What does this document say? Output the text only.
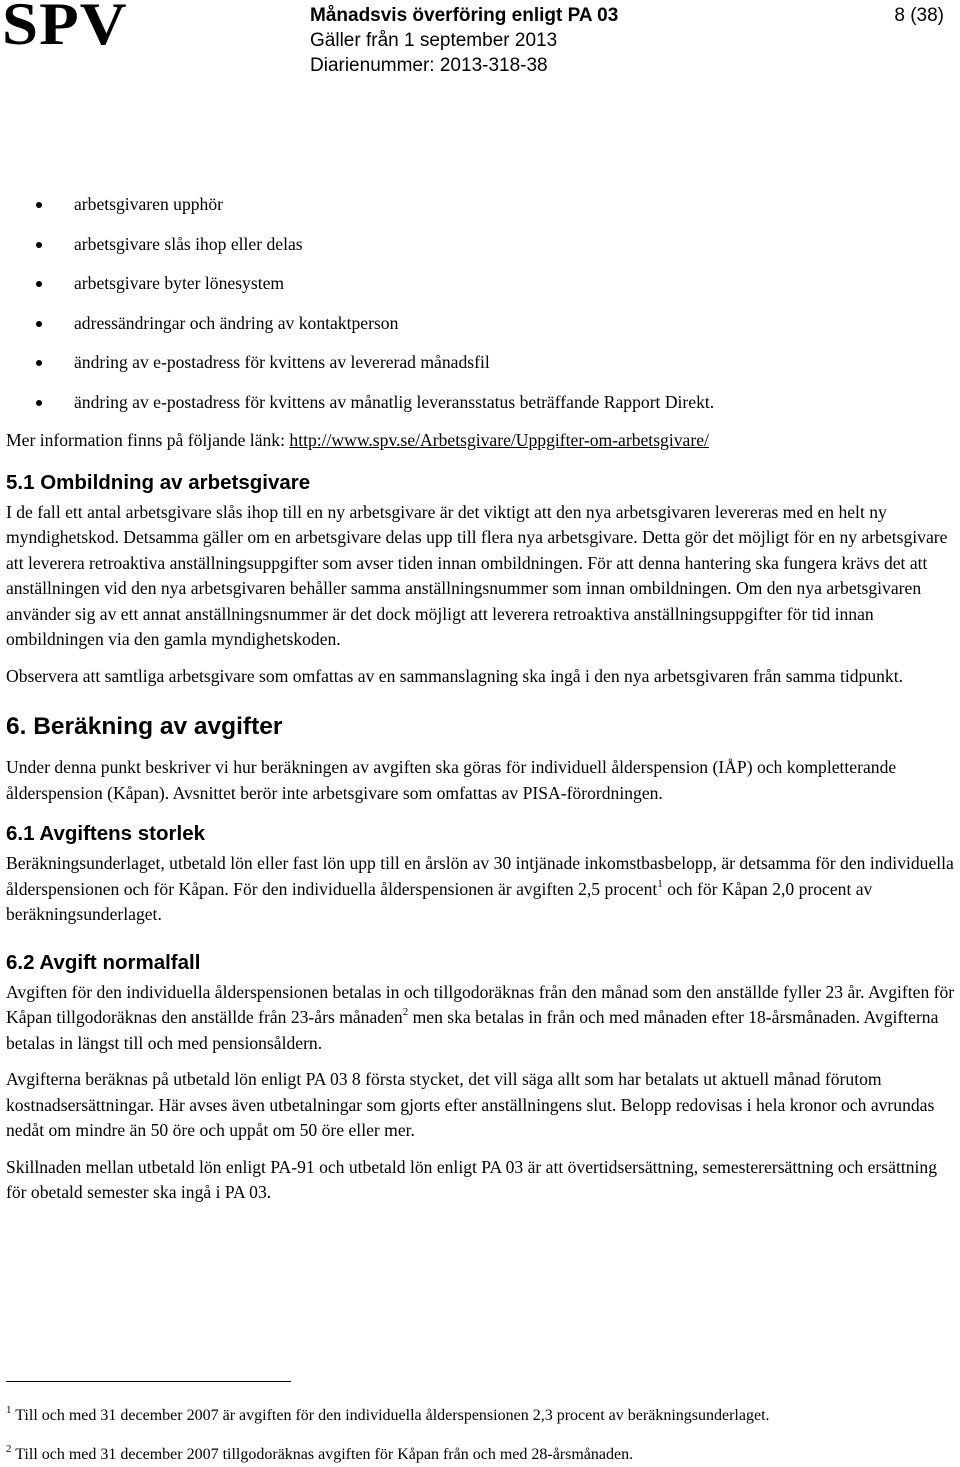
SPV	Månadsvis överföring enligt PA 03
Gäller från 1 september 2013
Diarienummer: 2013-318-38
8 (38)
arbetsgivaren upphör
arbetsgivare slås ihop eller delas
arbetsgivare byter lönesystem
adressändringar och ändring av kontaktperson
ändring av e-postadress för kvittens av levererad månadsfil
ändring av e-postadress för kvittens av månatlig leveransstatus beträffande Rapport Direkt.

Mer information finns på följande länk: http://www.spv.se/Arbetsgivare/Uppgifter-om-arbetsgivare/

5.1 Ombildning av arbetsgivare

I de fall ett antal arbetsgivare slås ihop till en ny arbetsgivare är det viktigt att den nya arbetsgivaren levereras med en helt ny myndighetskod. Detsamma gäller om en arbetsgivare delas upp till flera nya arbetsgivare. Detta gör det möjligt för en ny arbetsgivare att leverera retroaktiva anställningsuppgifter som avser tiden innan ombildningen. För att denna hantering ska fungera krävs det att anställningen vid den nya arbetsgivaren behåller samma anställningsnummer som innan ombildningen. Om den nya arbetsgivaren använder sig av ett annat anställningsnummer är det dock möjligt att leverera retroaktiva anställningsuppgifter för tid innan ombildningen via den gamla myndighetskoden.

Observera att samtliga arbetsgivare som omfattas av en sammanslagning ska ingå i den nya arbetsgivaren från samma tidpunkt.

6. Beräkning av avgifter

Under denna punkt beskriver vi hur beräkningen av avgiften ska göras för individuell ålderspension (IÅP) och kompletterande ålderspension (Kåpan). Avsnittet berör inte arbetsgivare som omfattas av PISA-förordningen.

6.1 Avgiftens storlek

Beräkningsunderlaget, utbetald lön eller fast lön upp till en årslön av 30 intjänade inkomstbasbelopp, är detsamma för den individuella ålderspensionen och för Kåpan. För den individuella ålderspensionen är avgiften 2,5 procent$^1$ och för Kåpan 2,0 procent av beräkningsunderlaget.

6.2 Avgift normalfall

Avgiften för den individuella ålderspensionen betalas in och tillgodoräknas från den månad som den anställde fyller 23 år. Avgiften för Kåpan tillgodoräknas den anställde från 23-års månaden$^2$ men ska betalas in från och med månaden efter 18-årsmånaden. Avgifterna betalas in längst till och med pensionsåldern.

Avgifterna beräknas på utbetald lön enligt PA 03 8 första stycket, det vill säga allt som har betalats ut aktuell månad förutom kostnadsersättningar. Här avses även utbetalningar som gjorts efter anställningens slut. Belopp redovisas i hela kronor och avrundas nedåt om mindre än 50 öre och uppåt om 50 öre eller mer.

Skillnaden mellan utbetald lön enligt PA-91 och utbetald lön enligt PA 03 är att övertidsersättning, semesterersättning och ersättning för obetald semester ska ingå i PA 03.

$^1$ Till och med 31 december 2007 är avgiften för den individuella ålderspensionen 2,3 procent av beräkningsunderlaget.
$^2$ Till och med 31 december 2007 tillgodoräknas avgiften för Kåpan från och med 28-årsmånaden.
